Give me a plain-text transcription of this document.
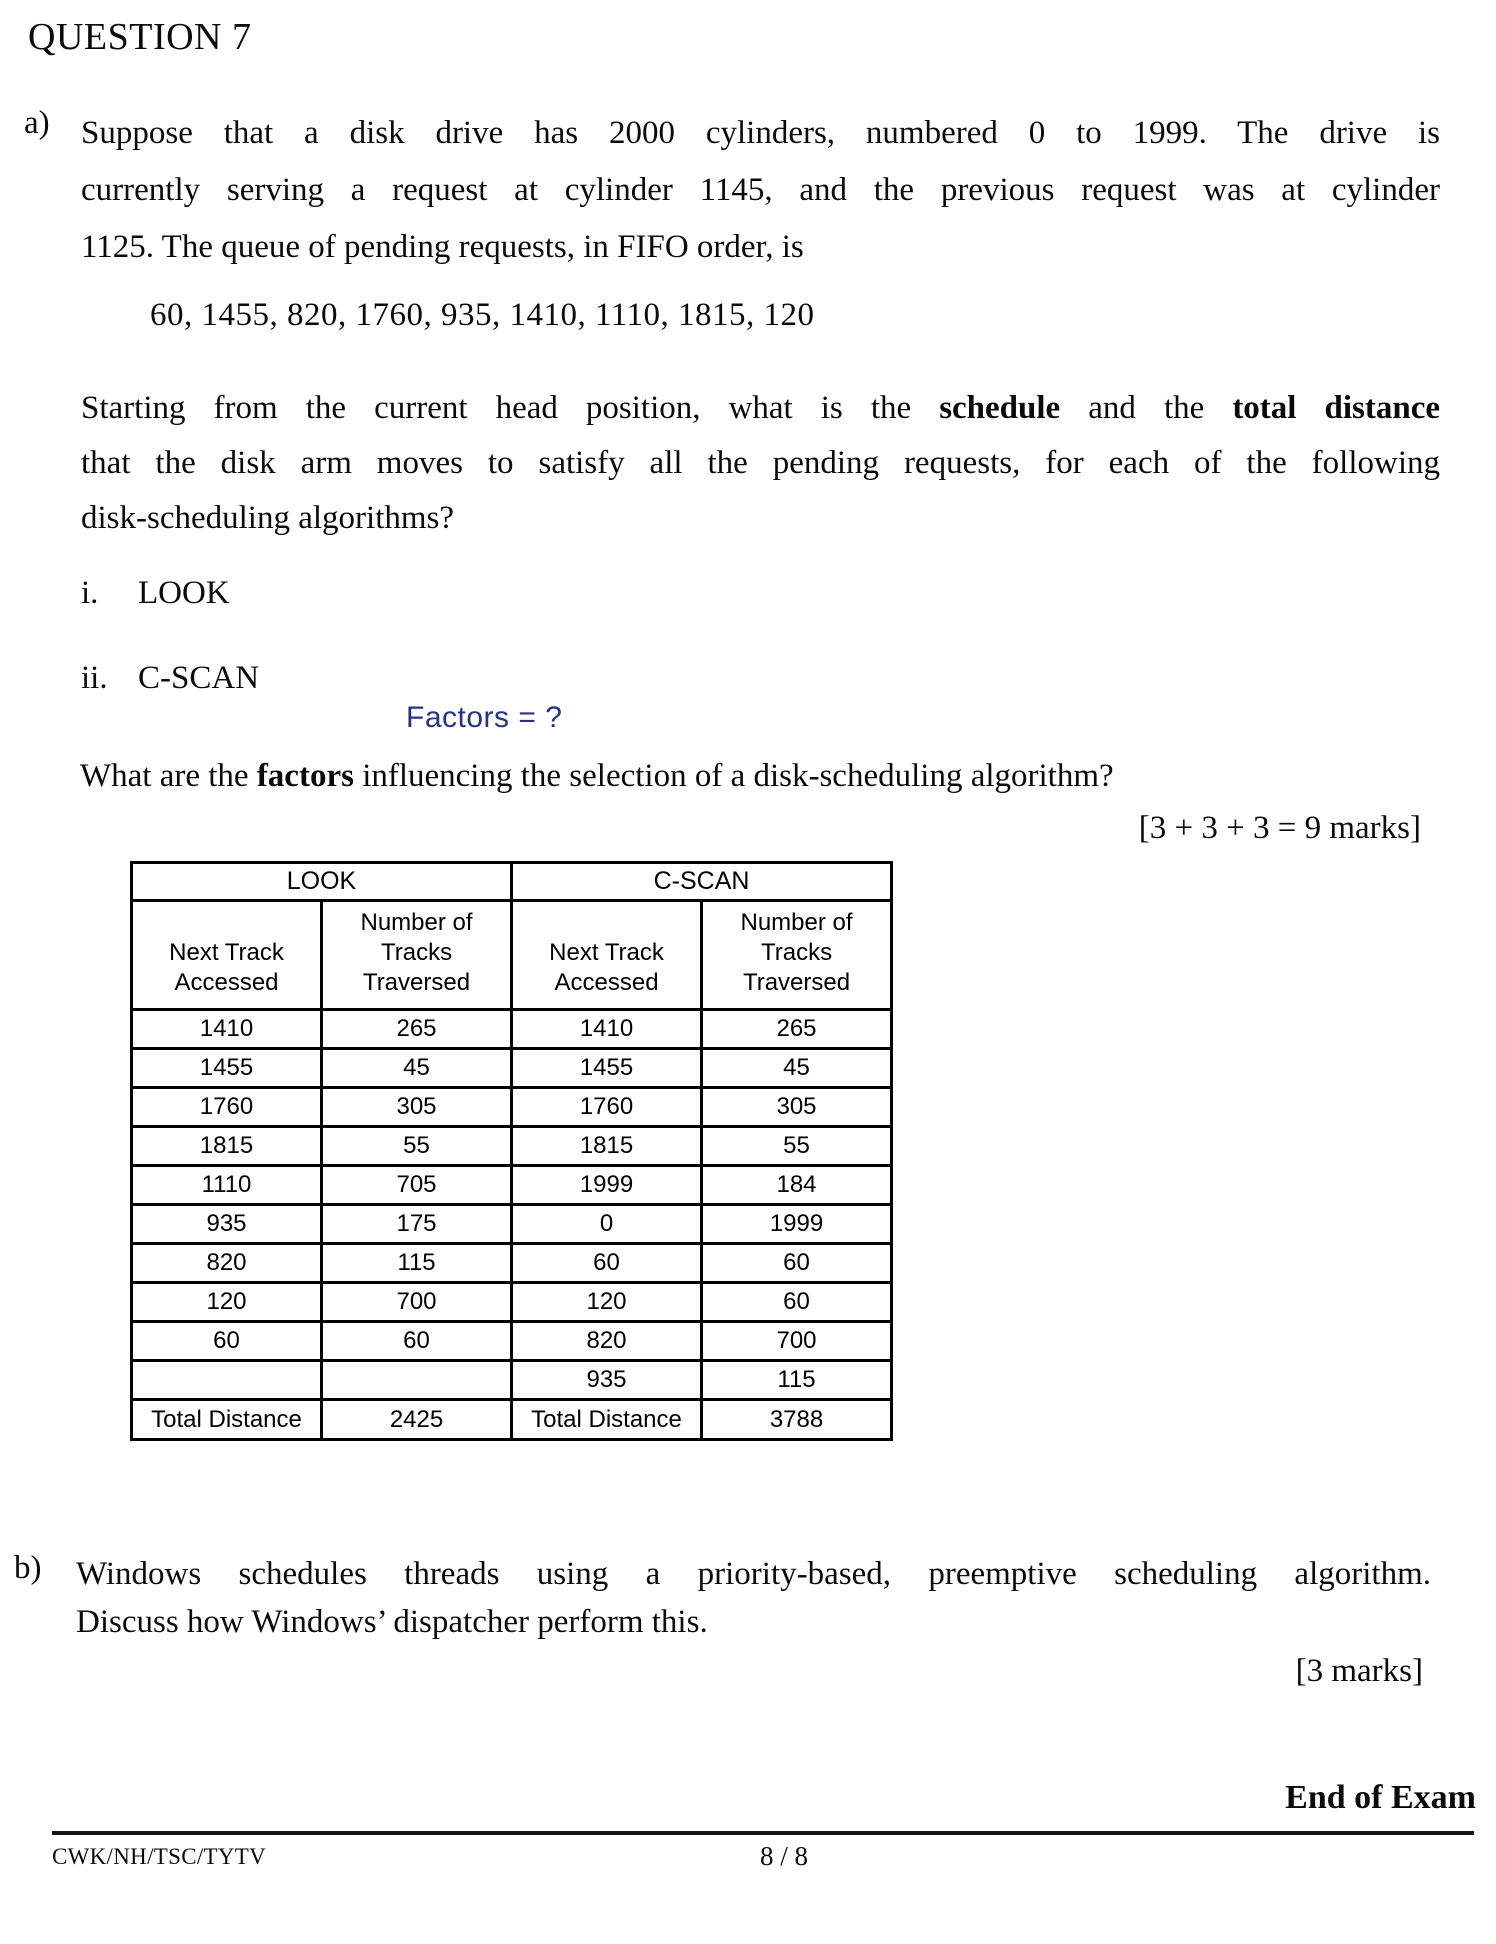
QUESTION 7
a) Suppose that a disk drive has 2000 cylinders, numbered 0 to 1999. The drive is
currently serving a request at cylinder 1145, and the previous request was at cylinder
1125. The queue of pending requests, in FIFO order, is
60, 1455, 820, 1760, 935, 1410, 1110, 1815, 120
Starting from the current head position, what is the schedule and the total distance
that the disk arm moves to satisfy all the pending requests, for each of the following
disk-scheduling algorithms?
i. LOOK
ii. C-SCAN
Factors = ?
What are the factors influencing the selection of a disk-scheduling algorithm?
[3 + 3 + 3 = 9 marks]
LOOK		C-SCAN	
Next Track Accessed	Number of Tracks Traversed	Next Track Accessed	Number of Tracks Traversed
1410	265	1410	265
1455	45	1455	45
1760	305	1760	305
1815	55	1815	55
1110	705	1999	184
935	175	0	1999
820	115	60	60
120	700	120	60
60	60	820	700
		935	115
Total Distance	2425	Total Distance	3788
b) Windows schedules threads using a priority-based, preemptive scheduling algorithm.
Discuss how Windows’ dispatcher perform this.
[3 marks]
End of Exam
CWK/NH/TSC/TYTV	8 / 8
